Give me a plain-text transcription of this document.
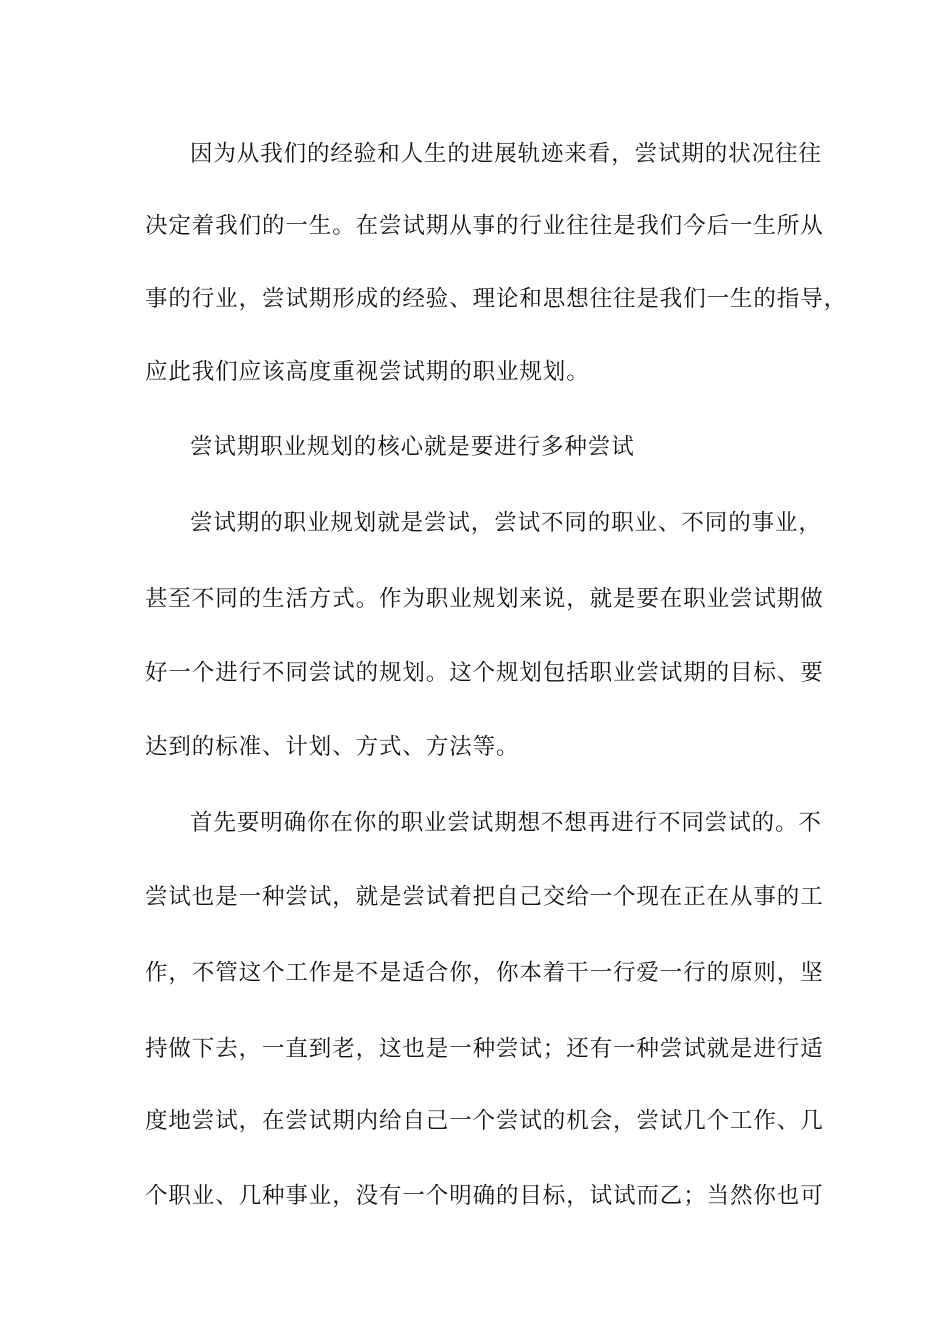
因为从我们的经验和人生的进展轨迹来看，尝试期的状况往往
决定着我们的一生。在尝试期从事的行业往往是我们今后一生所从
事的行业，尝试期形成的经验、理论和思想往往是我们一生的指导，
应此我们应该高度重视尝试期的职业规划。
尝试期职业规划的核心就是要进行多种尝试
尝试期的职业规划就是尝试，尝试不同的职业、不同的事业，
甚至不同的生活方式。作为职业规划来说，就是要在职业尝试期做
好一个进行不同尝试的规划。这个规划包括职业尝试期的目标、要
达到的标准、计划、方式、方法等。
首先要明确你在你的职业尝试期想不想再进行不同尝试的。不
尝试也是一种尝试，就是尝试着把自己交给一个现在正在从事的工
作，不管这个工作是不是适合你，你本着干一行爱一行的原则，坚
持做下去，一直到老，这也是一种尝试；还有一种尝试就是进行适
度地尝试，在尝试期内给自己一个尝试的机会，尝试几个工作、几
个职业、几种事业，没有一个明确的目标，试试而乙；当然你也可
